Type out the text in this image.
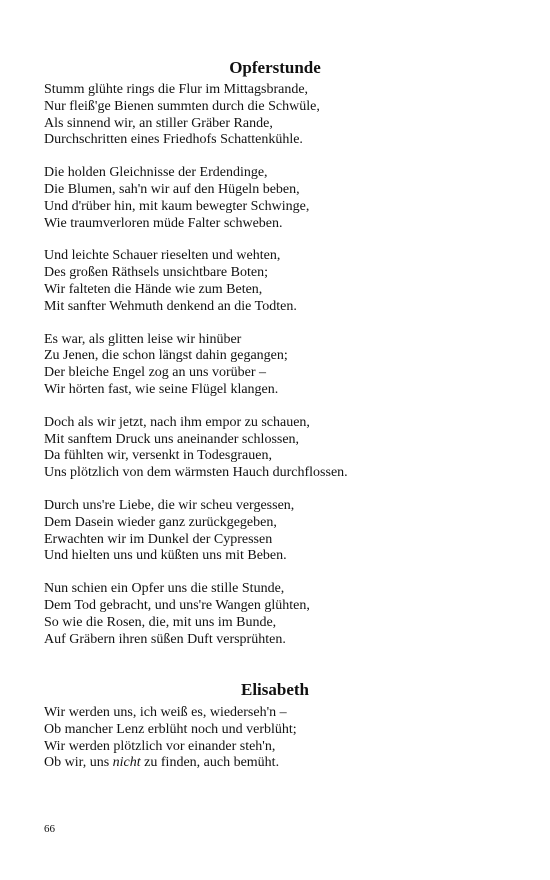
Opferstunde
Stumm glühte rings die Flur im Mittagsbrande,
Nur fleiß'ge Bienen summten durch die Schwüle,
Als sinnend wir, an stiller Gräber Rande,
Durchschritten eines Friedhofs Schattenkühle.
Die holden Gleichnisse der Erdendinge,
Die Blumen, sah'n wir auf den Hügeln beben,
Und d'rüber hin, mit kaum bewegter Schwinge,
Wie traumverloren müde Falter schweben.
Und leichte Schauer rieselten und wehten,
Des großen Räthsels unsichtbare Boten;
Wir falteten die Hände wie zum Beten,
Mit sanfter Wehmuth denkend an die Todten.
Es war, als glitten leise wir hinüber
Zu Jenen, die schon längst dahin gegangen;
Der bleiche Engel zog an uns vorüber –
Wir hörten fast, wie seine Flügel klangen.
Doch als wir jetzt, nach ihm empor zu schauen,
Mit sanftem Druck uns aneinander schlossen,
Da fühlten wir, versenkt in Todesgrauen,
Uns plötzlich von dem wärmsten Hauch durchflossen.
Durch uns're Liebe, die wir scheu vergessen,
Dem Dasein wieder ganz zurückgegeben,
Erwachten wir im Dunkel der Cypressen
Und hielten uns und küßten uns mit Beben.
Nun schien ein Opfer uns die stille Stunde,
Dem Tod gebracht, und uns're Wangen glühten,
So wie die Rosen, die, mit uns im Bunde,
Auf Gräbern ihren süßen Duft versprühten.
Elisabeth
Wir werden uns, ich weiß es, wiederseh'n –
Ob mancher Lenz erblüht noch und verblüht;
Wir werden plötzlich vor einander steh'n,
Ob wir, uns nicht zu finden, auch bemüht.
66
